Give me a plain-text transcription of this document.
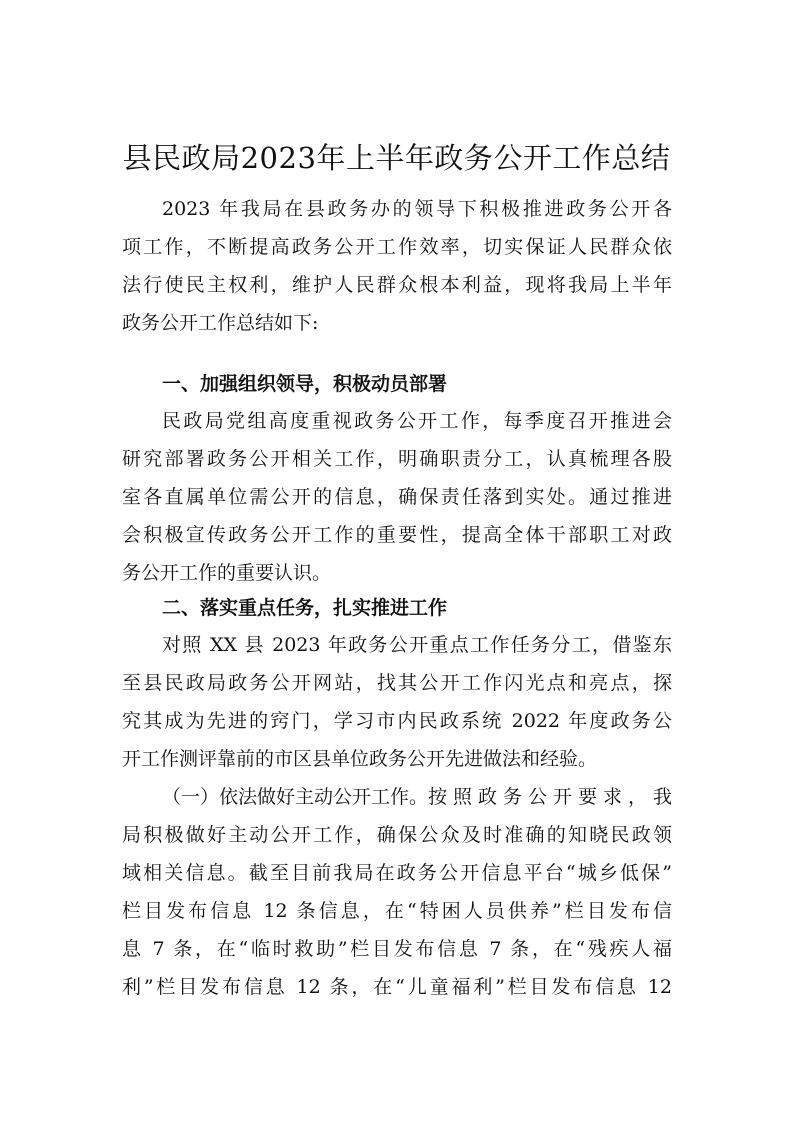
县民政局2023年上半年政务公开工作总结
2023 年我局在县政务办的领导下积极推进政务公开各
项工作，不断提高政务公开工作效率，切实保证人民群众依
法行使民主权利，维护人民群众根本利益，现将我局上半年
政务公开工作总结如下:
一、加强组织领导，积极动员部署
民政局党组高度重视政务公开工作，每季度召开推进会
研究部署政务公开相关工作，明确职责分工，认真梳理各股
室各直属单位需公开的信息，确保责任落到实处。通过推进
会积极宣传政务公开工作的重要性，提高全体干部职工对政
务公开工作的重要认识。
二、落实重点任务，扎实推进工作
对照 XX 县 2023 年政务公开重点工作任务分工，借鉴东
至县民政局政务公开网站，找其公开工作闪光点和亮点，探
究其成为先进的窍门，学习市内民政系统 2022 年度政务公
开工作测评靠前的市区县单位政务公开先进做法和经验。
（一）依法做好主动公开工作。 按照政务公开要求，我
局积极做好主动公开工作，确保公众及时准确的知晓民政领
域相关信息。截至目前我局在政务公开信息平台“城乡低保”
栏目发布信息 12 条信息，在“特困人员供养”栏目发布信
息 7 条，在“临时救助”栏目发布信息 7 条，在“残疾人福
利”栏目发布信息 12 条，在“儿童福利”栏目发布信息 12
